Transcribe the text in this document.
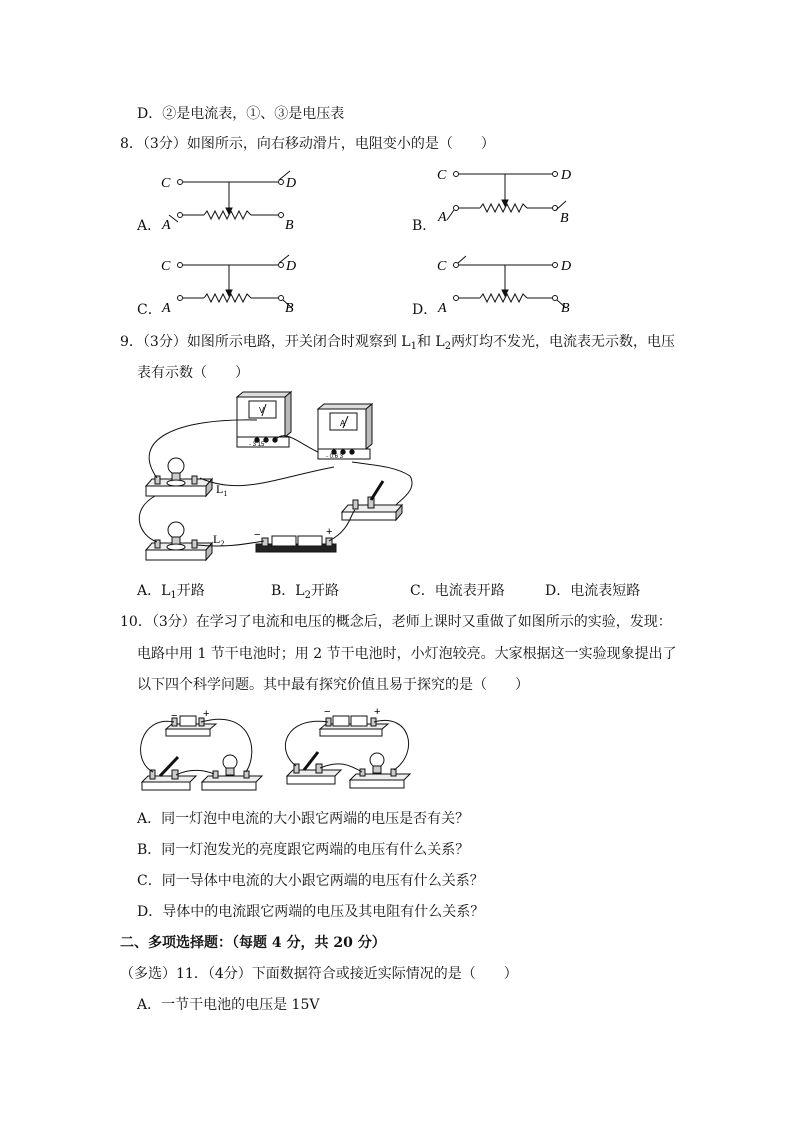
D．②是电流表，①、③是电压表
8．（3分）如图所示，向右移动滑片，电阻变小的是（　　）
A．	B．
C．	D．
C	D
A	B
C	D
A	B
C	D
A	B
C	D
A	B
9．（3分）如图所示电路，开关闭合时观察到 $L_1$和 $L_2$两灯均不发光，电流表无示数，电压
表有示数（　　）
V
A
- 3 15
- 0.6 3
$L_1$
$L_2$
−	+
A．$L_1$开路	B．$L_2$开路	C．电流表开路	D．电流表短路
10．（3分）在学习了电流和电压的概念后，老师上课时又重做了如图所示的实验，发现：
电路中用 1 节干电池时；用 2 节干电池时，小灯泡较亮。大家根据这一实验现象提出了
以下四个科学问题。其中最有探究价值且易于探究的是（　　）
− +	−	+
A．同一灯泡中电流的大小跟它两端的电压是否有关？
B．同一灯泡发光的亮度跟它两端的电压有什么关系？
C．同一导体中电流的大小跟它两端的电压有什么关系？
D．导体中的电流跟它两端的电压及其电阻有什么关系？
二、多项选择题：（每题 4 分，共 20 分）
（多选）11．（4分）下面数据符合或接近实际情况的是（　　）
A．一节干电池的电压是 15V
